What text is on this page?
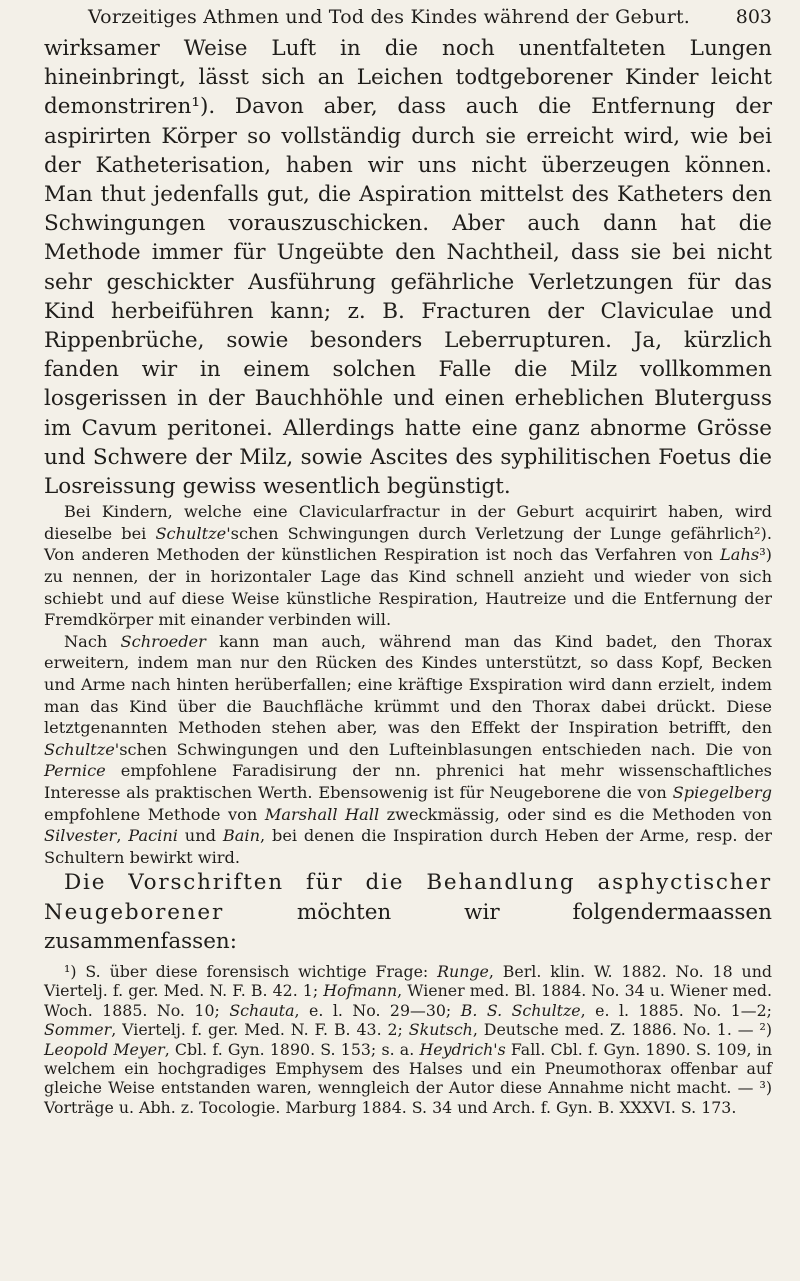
Vorzeitiges Athmen und Tod des Kindes während der Geburt. 803

wirksamer Weise Luft in die noch unentfalteten Lungen hineinbringt, lässt sich an Leichen todtgeborener Kinder leicht demonstriren¹). Davon aber, dass auch die Entfernung der aspirirten Körper so vollständig durch sie erreicht wird, wie bei der Katheterisation, haben wir uns nicht überzeugen können. Man thut jedenfalls gut, die Aspiration mittelst des Katheters den Schwingungen vorauszuschicken. Aber auch dann hat die Methode immer für Ungeübte den Nachtheil, dass sie bei nicht sehr geschickter Ausführung gefährliche Verletzungen für das Kind herbeiführen kann; z. B. Fracturen der Claviculae und Rippenbrüche, sowie besonders Leberrupturen. Ja, kürzlich fanden wir in einem solchen Falle die Milz vollkommen losgerissen in der Bauchhöhle und einen erheblichen Bluterguss im Cavum peritonei. Allerdings hatte eine ganz abnorme Grösse und Schwere der Milz, sowie Ascites des syphilitischen Foetus die Losreissung gewiss wesentlich begünstigt.

Bei Kindern, welche eine Clavicularfractur in der Geburt acquirirt haben, wird dieselbe bei Schultze'schen Schwingungen durch Verletzung der Lunge gefährlich²). Von anderen Methoden der künstlichen Respiration ist noch das Verfahren von Lahs³) zu nennen, der in horizontaler Lage das Kind schnell anzieht und wieder von sich schiebt und auf diese Weise künstliche Respiration, Hautreize und die Entfernung der Fremdkörper mit einander verbinden will.

Nach Schroeder kann man auch, während man das Kind badet, den Thorax erweitern, indem man nur den Rücken des Kindes unterstützt, so dass Kopf, Becken und Arme nach hinten herüberfallen; eine kräftige Exspiration wird dann erzielt, indem man das Kind über die Bauchfläche krümmt und den Thorax dabei drückt. Diese letztgenannten Methoden stehen aber, was den Effekt der Inspiration betrifft, den Schultze'schen Schwingungen und den Lufteinblasungen entschieden nach. Die von Pernice empfohlene Faradisirung der nn. phrenici hat mehr wissenschaftliches Interesse als praktischen Werth. Ebensowenig ist für Neugeborene die von Spiegelberg empfohlene Methode von Marshall Hall zweckmässig, oder sind es die Methoden von Silvester, Pacini und Bain, bei denen die Inspiration durch Heben der Arme, resp. der Schultern bewirkt wird.

Die Vorschriften für die Behandlung asphyctischer Neugeborener möchten wir folgendermaassen zusammenfassen:

¹) S. über diese forensisch wichtige Frage: Runge, Berl. klin. W. 1882. No. 18 und Viertelj. f. ger. Med. N. F. B. 42. 1; Hofmann, Wiener med. Bl. 1884. No. 34 u. Wiener med. Woch. 1885. No. 10; Schauta, e. l. No. 29—30; B. S. Schultze, e. l. 1885. No. 1—2; Sommer, Viertelj. f. ger. Med. N. F. B. 43. 2; Skutsch, Deutsche med. Z. 1886. No. 1. — ²) Leopold Meyer, Cbl. f. Gyn. 1890. S. 153; s. a. Heydrich's Fall. Cbl. f. Gyn. 1890. S. 109, in welchem ein hochgradiges Emphysem des Halses und ein Pneumothorax offenbar auf gleiche Weise entstanden waren, wenngleich der Autor diese Annahme nicht macht. — ³) Vorträge u. Abh. z. Tocologie. Marburg 1884. S. 34 und Arch. f. Gyn. B. XXXVI. S. 173.
